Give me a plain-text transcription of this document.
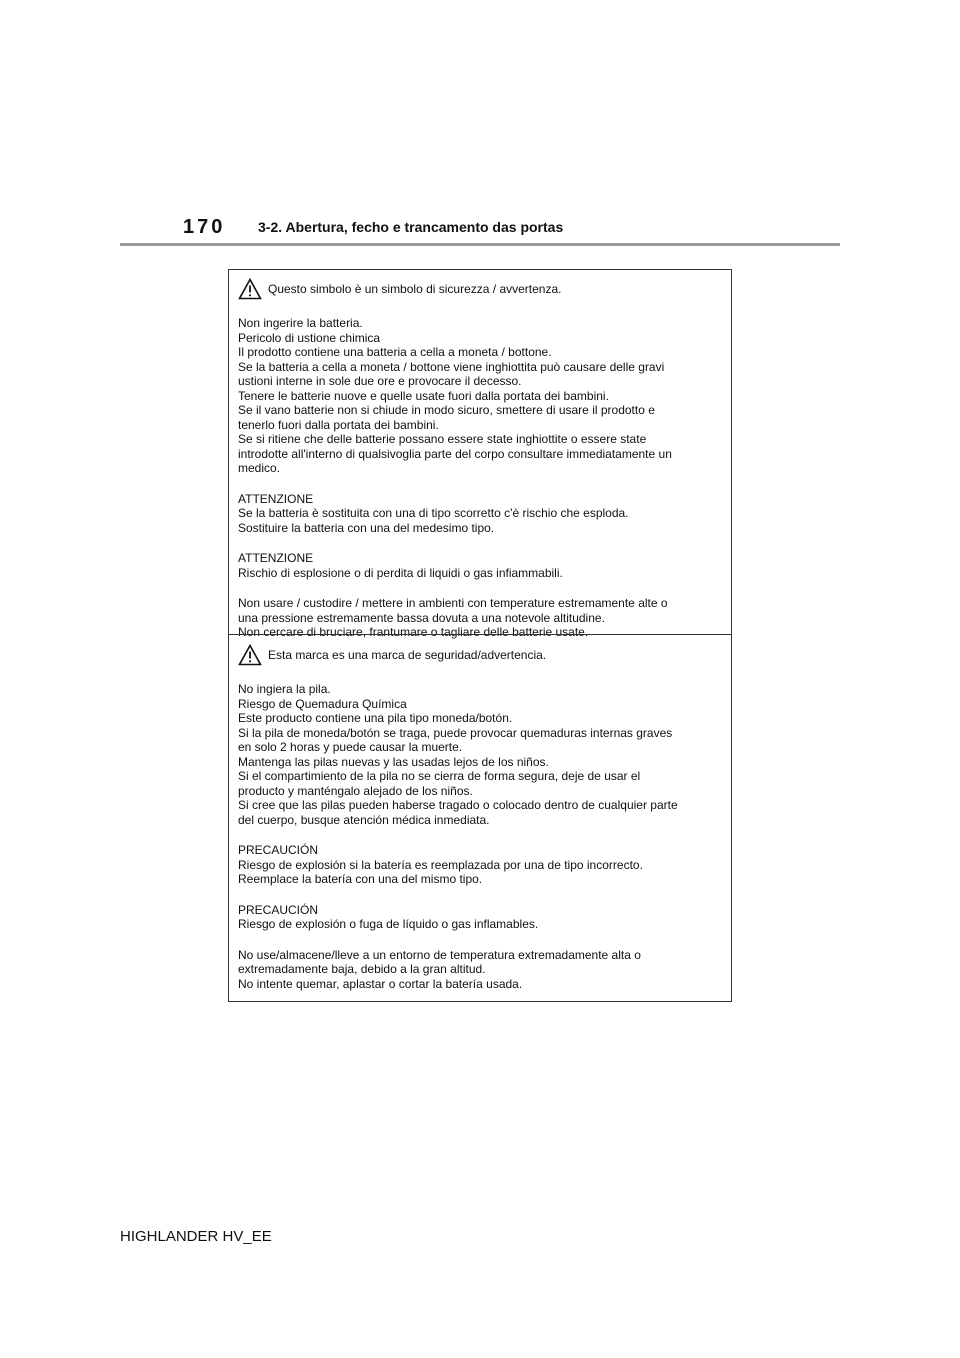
170 3-2. Abertura, fecho e trancamento das portas
Questo simbolo è un simbolo di sicurezza / avvertenza.
Non ingerire la batteria.
Pericolo di ustione chimica
Il prodotto contiene una batteria a cella a moneta / bottone.
Se la batteria a cella a moneta / bottone viene inghiottita può causare delle gravi
ustioni interne in sole due ore e provocare il decesso.
Tenere le batterie nuove e quelle usate fuori dalla portata dei bambini.
Se il vano batterie non si chiude in modo sicuro, smettere di usare il prodotto e
tenerlo fuori dalla portata dei bambini.
Se si ritiene che delle batterie possano essere state inghiottite o essere state
introdotte all'interno di qualsivoglia parte del corpo consultare immediatamente un
medico.
ATTENZIONE
Se la batteria è sostituita con una di tipo scorretto c'è rischio che esploda.
Sostituire la batteria con una del medesimo tipo.
ATTENZIONE
Rischio di esplosione o di perdita di liquidi o gas infiammabili.
Non usare / custodire / mettere in ambienti con temperature estremamente alte o
una pressione estremamente bassa dovuta a una notevole altitudine.
Non cercare di bruciare, frantumare o tagliare delle batterie usate.
Esta marca es una marca de seguridad/advertencia.
No ingiera la pila.
Riesgo de Quemadura Química
Este producto contiene una pila tipo moneda/botón.
Si la pila de moneda/botón se traga, puede provocar quemaduras internas graves
en solo 2 horas y puede causar la muerte.
Mantenga las pilas nuevas y las usadas lejos de los niños.
Si el compartimiento de la pila no se cierra de forma segura, deje de usar el
producto y manténgalo alejado de los niños.
Si cree que las pilas pueden haberse tragado o colocado dentro de cualquier parte
del cuerpo, busque atención médica inmediata.
PRECAUCIÓN
Riesgo de explosión si la batería es reemplazada por una de tipo incorrecto.
Reemplace la batería con una del mismo tipo.
PRECAUCIÓN
Riesgo de explosión o fuga de líquido o gas inflamables.
No use/almacene/lleve a un entorno de temperatura extremadamente alta o
extremadamente baja, debido a la gran altitud.
No intente quemar, aplastar o cortar la batería usada.
HIGHLANDER HV_EE
